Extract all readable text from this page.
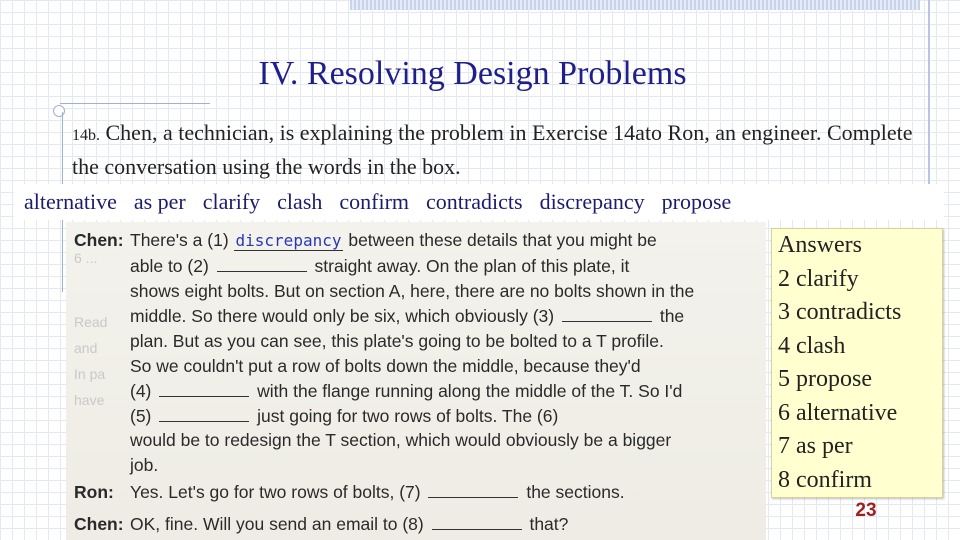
IV. Resolving Design Problems
14b. Chen, a technician, is explaining the problem in Exercise 14ato Ron, an engineer. Complete the conversation using the words in the box.
alternative as per clarify clash confirm contradicts discrepancy propose
6 ...
Read
and
In pa
have
Chen: There's a (1) discrepancy between these details that you might be
able to (2)	straight away. On the plan of this plate, it
shows eight bolts. But on section A, here, there are no bolts shown in the
middle. So there would only be six, which obviously (3)	the
plan. But as you can see, this plate's going to be bolted to a T profile.
So we couldn't put a row of bolts down the middle, because they'd
(4)	with the flange running along the middle of the T. So I'd
(5)	just going for two rows of bolts. The (6)
would be to redesign the T section, which would obviously be a bigger
job.
Ron: Yes. Let's go for two rows of bolts, (7)	the sections.
Chen: OK, fine. Will you send an email to (8)	that?
Answers
2 clarify
3 contradicts
4 clash
5 propose
6 alternative
7 as per
8 confirm
23
